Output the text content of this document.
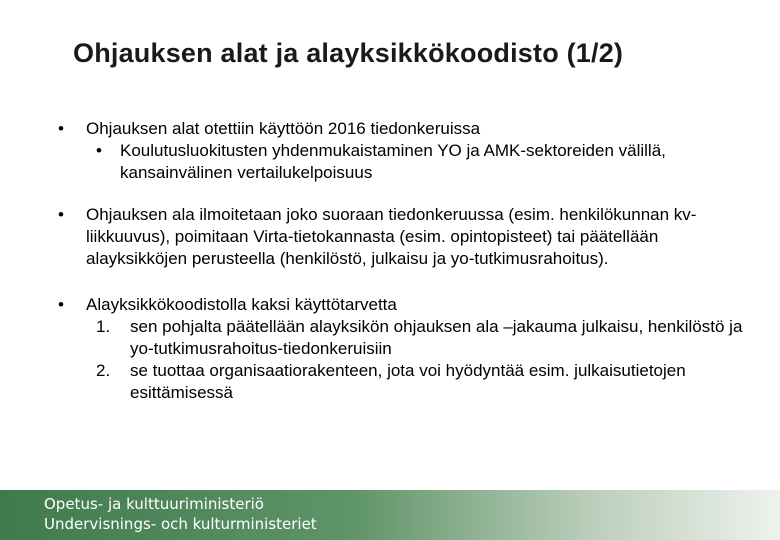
Ohjauksen alat ja alayksikkökoodisto (1/2)
• Ohjauksen alat otettiin käyttöön 2016 tiedonkeruissa
• Koulutusluokitusten yhdenmukaistaminen YO ja AMK-sektoreiden välillä, kansainvälinen vertailukelpoisuus
• Ohjauksen ala ilmoitetaan joko suoraan tiedonkeruussa (esim. henkilökunnan kv-liikkuuvus), poimitaan Virta-tietokannasta (esim. opintopisteet) tai päätellään alayksikköjen perusteella (henkilöstö, julkaisu ja yo-tutkimusrahoitus).
• Alayksikkökoodistolla kaksi käyttötarvetta
1. sen pohjalta päätellään alayksikön ohjauksen ala –jakauma julkaisu, henkilöstö ja yo-tutkimusrahoitus-tiedonkeruisiin
2. se tuottaa organisaatiorakenteen, jota voi hyödyntää esim. julkaisutietojen esittämisessä
Opetus- ja kulttuuriministeriö
Undervisnings- och kulturministeriet
